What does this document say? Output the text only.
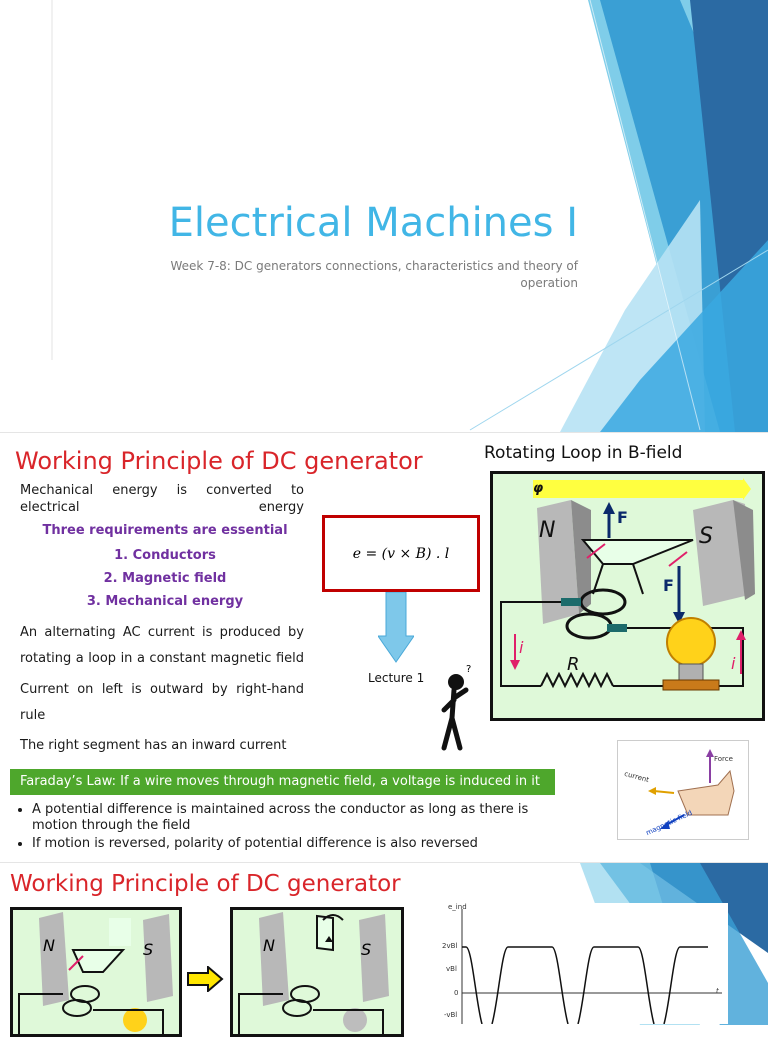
Electrical Machines I
Week 7-8: DC generators connections, characteristics and theory of operation
Working Principle of DC generator	Rotating Loop in B-field
Mechanical energy is converted to electrical energy
Three requirements are essential
1. Conductors
2. Magnetic field
3. Mechanical energy
An alternating AC current is produced by rotating a loop in a constant magnetic field
Current on left is outward by right-hand rule
The right segment has an inward current
e = (v × B) . l
Lecture 1
?
φ
N	S
F
F
i
i
R
Force
current
magnetic field
Faraday’s Law: If a wire moves through magnetic field, a voltage is induced in it
• A potential difference is maintained across the conductor as long as there is motion through the field
• If motion is reversed, polarity of potential difference is also reversed
Working Principle of DC generator
N	S	N	S
e_ind
2vBl
vBl
0
-vBl
t
